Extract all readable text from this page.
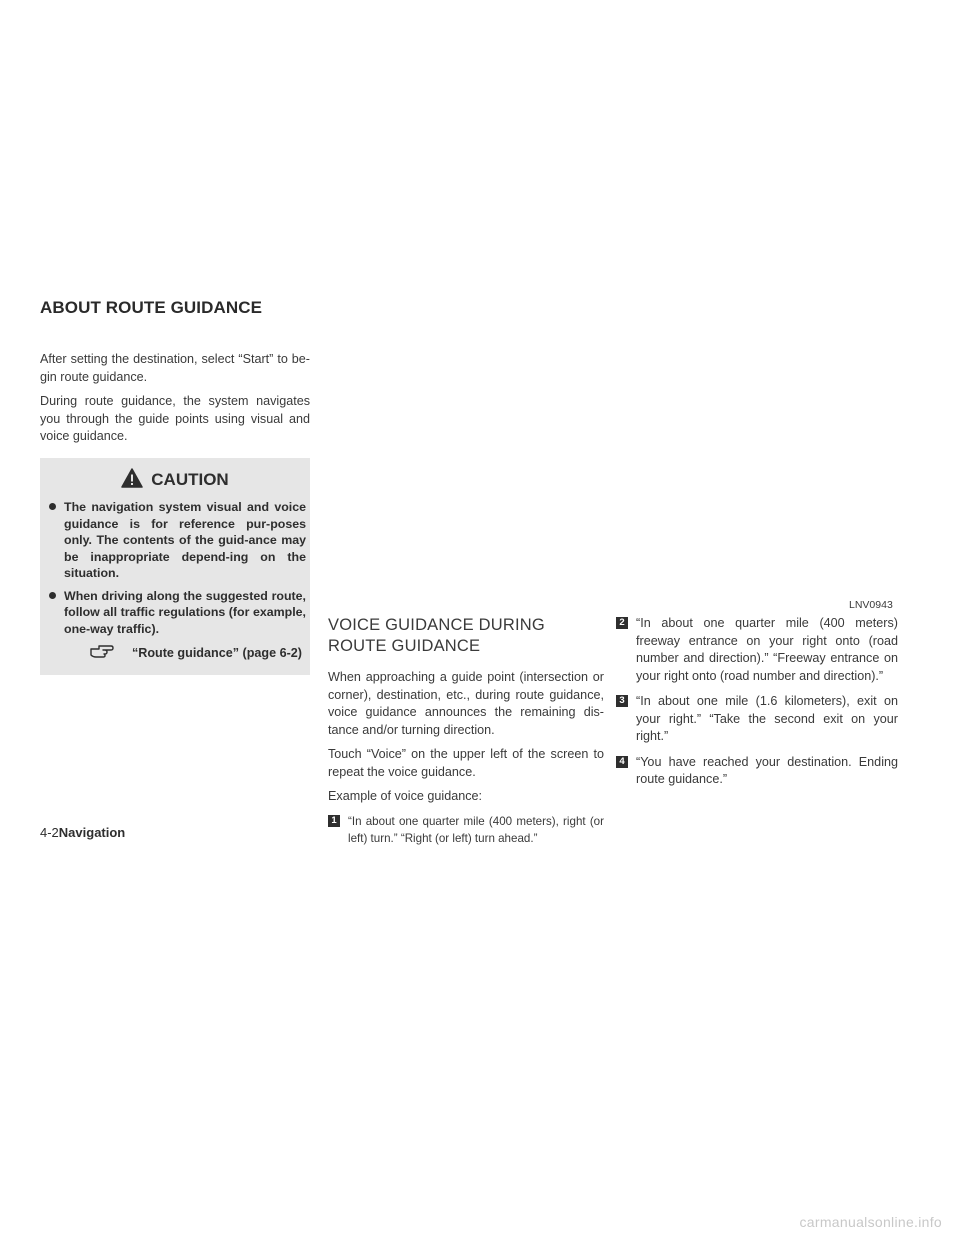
ABOUT ROUTE GUIDANCE

After setting the destination, select “Start” to be-gin route guidance.

During route guidance, the system navigates you through the guide points using visual and voice guidance.

CAUTION
The navigation system visual and voice guidance is for reference pur-poses only. The contents of the guid-ance may be inappropriate depend-ing on the situation.
When driving along the suggested route, follow all traffic regulations (for example, one-way traffic).
“Route guidance” (page 6-2)
LNV0943
VOICE GUIDANCE DURING ROUTE GUIDANCE

When approaching a guide point (intersection or corner), destination, etc., during route guidance, voice guidance announces the remaining dis-tance and/or turning direction.

Touch “Voice” on the upper left of the screen to repeat the voice guidance.

Example of voice guidance:

1 “In about one quarter mile (400 meters), right (or left) turn.” “Right (or left) turn ahead.”
2 “In about one quarter mile (400 meters) freeway entrance on your right onto (road number and direction).” “Freeway entrance on your right onto (road number and direction).”
3 “In about one mile (1.6 kilometers), exit on your right.” “Take the second exit on your right.”
4 “You have reached your destination. Ending route guidance.”
4-2Navigation
carmanualsonline.info
